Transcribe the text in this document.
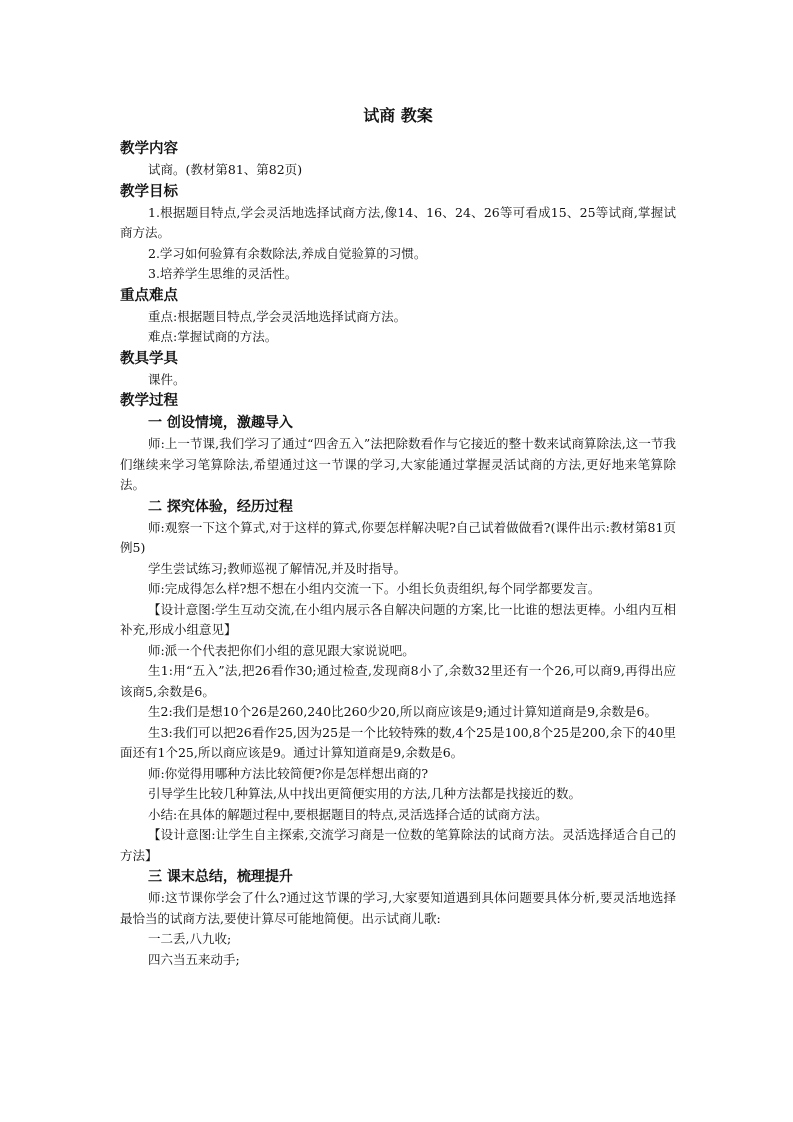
试商 教案
教学内容

试商。(教材第81、第82页)

教学目标

1.根据题目特点,学会灵活地选择试商方法,像14、16、24、26等可看成15、25等试商,掌握试商方法。

2.学习如何验算有余数除法,养成自觉验算的习惯。

3.培养学生思维的灵活性。

重点难点

重点:根据题目特点,学会灵活地选择试商方法。

难点:掌握试商的方法。

教具学具

课件。

教学过程
一 创设情境，激趣导入

师:上一节课,我们学习了通过“四舍五入”法把除数看作与它接近的整十数来试商算除法,这一节我们继续来学习笔算除法,希望通过这一节课的学习,大家能通过掌握灵活试商的方法,更好地来笔算除法。

二 探究体验，经历过程

师:观察一下这个算式,对于这样的算式,你要怎样解决呢?自己试着做做看?(课件出示:教材第81页例5)

学生尝试练习;教师巡视了解情况,并及时指导。

师:完成得怎么样?想不想在小组内交流一下。小组长负责组织,每个同学都要发言。

【设计意图:学生互动交流,在小组内展示各自解决问题的方案,比一比谁的想法更棒。小组内互相补充,形成小组意见】

师:派一个代表把你们小组的意见跟大家说说吧。

生1:用“五入”法,把26看作30;通过检查,发现商8小了,余数32里还有一个26,可以商9,再得出应该商5,余数是6。

生2:我们是想10个26是260,240比260少20,所以商应该是9;通过计算知道商是9,余数是6。

生3:我们可以把26看作25,因为25是一个比较特殊的数,4个25是100,8个25是200,余下的40里面还有1个25,所以商应该是9。通过计算知道商是9,余数是6。

师:你觉得用哪种方法比较简便?你是怎样想出商的?

引导学生比较几种算法,从中找出更简便实用的方法,几种方法都是找接近的数。

小结:在具体的解题过程中,要根据题目的特点,灵活选择合适的试商方法。

【设计意图:让学生自主探索,交流学习商是一位数的笔算除法的试商方法。灵活选择适合自己的方法】

三 课末总结，梳理提升

师:这节课你学会了什么?通过这节课的学习,大家要知道遇到具体问题要具体分析,要灵活地选择最恰当的试商方法,要使计算尽可能地简便。出示试商儿歌:

一二丢,八九收;

四六当五来动手;
